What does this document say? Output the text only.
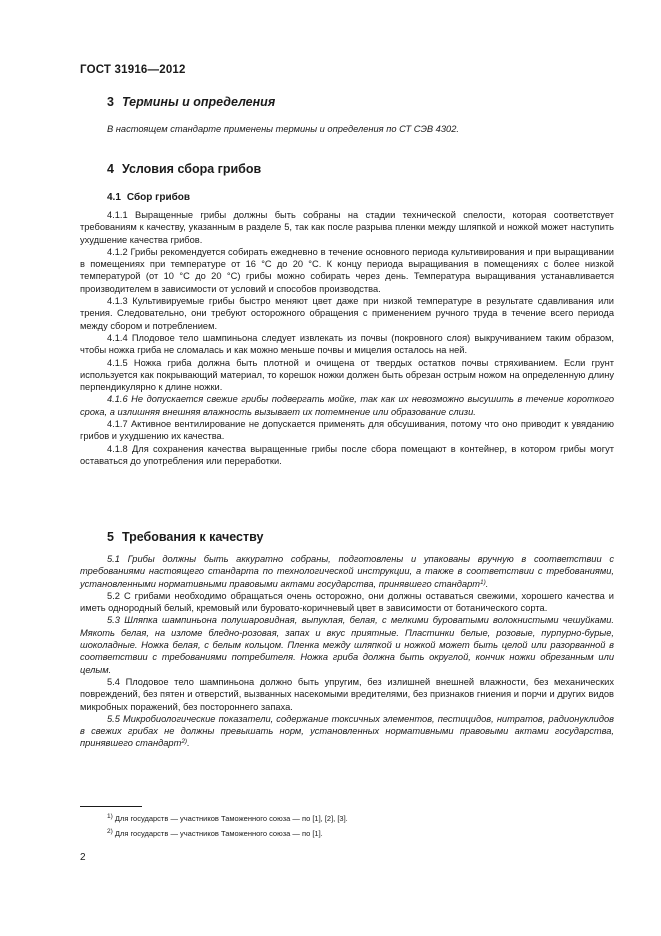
ГОСТ 31916—2012
3 Термины и определения

В настоящем стандарте применены термины и определения по СТ СЭВ 4302.

4 Условия сбора грибов
4.1 Сбор грибов

4.1.1 Выращенные грибы должны быть собраны на стадии технической спелости, которая соответствует требованиям к качеству, указанным в разделе 5, так как после разрыва пленки между шляпкой и ножкой может наступить ухудшение качества грибов.

4.1.2 Грибы рекомендуется собирать ежедневно в течение основного периода культивирования и при выращивании в помещениях при температуре от 16 °С до 20 °С. К концу периода выращивания в помещениях с более низкой температурой (от 10 °С до 20 °С) грибы можно собирать через день. Температура выращивания устанавливается производителем в зависимости от условий и способов производства.

4.1.3 Культивируемые грибы быстро меняют цвет даже при низкой температуре в результате сдавливания или трения. Следовательно, они требуют осторожного обращения с применением ручного труда в течение всего периода между сбором и потреблением.

4.1.4 Плодовое тело шампиньона следует извлекать из почвы (покровного слоя) выкручиванием таким образом, чтобы ножка гриба не сломалась и как можно меньше почвы и мицелия осталось на ней.

4.1.5 Ножка гриба должна быть плотной и очищена от твердых остатков почвы стряхиванием. Если грунт используется как покрывающий материал, то корешок ножки должен быть обрезан острым ножом на определенную длину перпендикулярно к длине ножки.

4.1.6 Не допускается свежие грибы подвергать мойке, так как их невозможно высушить в течение короткого срока, а излишняя внешняя влажность вызывает их потемнение или образование слизи.

4.1.7 Активное вентилирование не допускается применять для обсушивания, потому что оно приводит к увяданию грибов и ухудшению их качества.

4.1.8 Для сохранения качества выращенные грибы после сбора помещают в контейнер, в котором грибы могут оставаться до употребления или переработки.

5 Требования к качеству

5.1 Грибы должны быть аккуратно собраны, подготовлены и упакованы вручную в соответствии с требованиями настоящего стандарта по технологической инструкции, а также в соответствии с требованиями, установленными нормативными правовыми актами государства, принявшего стандарт$^{1)}$.

5.2 С грибами необходимо обращаться очень осторожно, они должны оставаться свежими, хорошего качества и иметь однородный белый, кремовый или буровато-коричневый цвет в зависимости от ботанического сорта.

5.3 Шляпка шампиньона полушаровидная, выпуклая, белая, с мелкими буроватыми волокнистыми чешуйками. Мякоть белая, на изломе бледно-розовая, запах и вкус приятные. Пластинки белые, розовые, пурпурно-бурые, шоколадные. Ножка белая, с белым кольцом. Пленка между шляпкой и ножкой может быть целой или разорванной в соответствии с требованиями потребителя. Ножка гриба должна быть округлой, кончик ножки обрезанным или целым.

5.4 Плодовое тело шампиньона должно быть упругим, без излишней внешней влажности, без механических повреждений, без пятен и отверстий, вызванных насекомыми вредителями, без признаков гниения и порчи и других видов микробных поражений, без постороннего запаха.

5.5 Микробиологические показатели, содержание токсичных элементов, пестицидов, нитратов, радионуклидов в свежих грибах не должны превышать норм, установленных нормативными правовыми актами государства, принявшего стандарт$^{2)}$.

$^{1)}$ Для государств — участников Таможенного союза — по [1], [2], [3].
$^{2)}$ Для государств — участников Таможенного союза — по [1].
2
